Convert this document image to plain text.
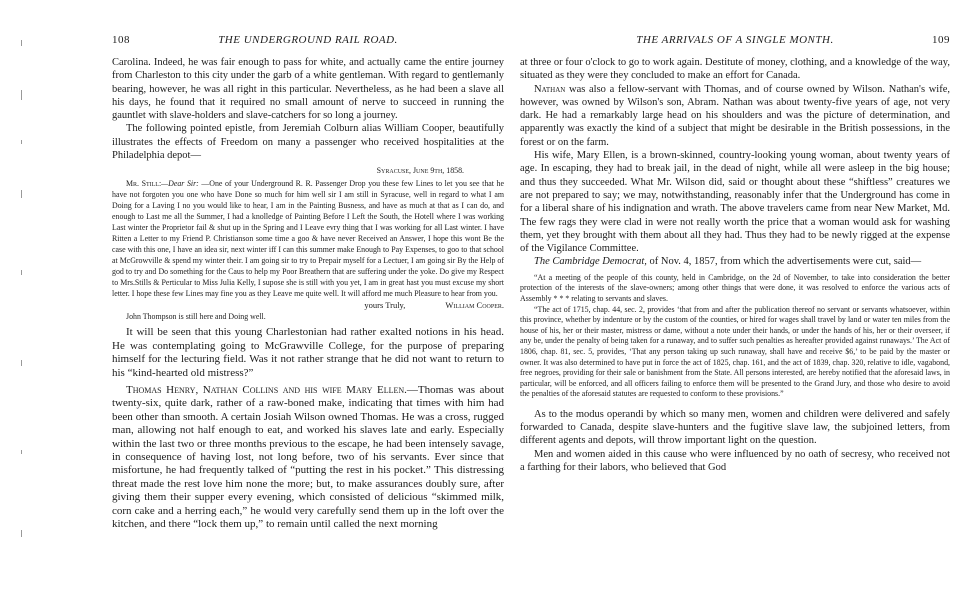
108	THE UNDERGROUND RAIL ROAD.

Carolina. Indeed, he was fair enough to pass for white, and actually came the entire journey from Charleston to this city under the garb of a white gentleman. With regard to gentlemanly bearing, however, he was all right in this particular. Nevertheless, as he had been a slave all his days, he found that it required no small amount of nerve to succeed in running the gauntlet with slave-holders and slave-catchers for so long a journey.

The following pointed epistle, from Jeremiah Colburn alias William Cooper, beautifully illustrates the effects of Freedom on many a passenger who received hospitalities at the Philadelphia depot—

Syracuse, June 9th, 1858.

Mr. Still:—Dear Sir: —One of your Underground R. R. Passenger Drop you these few Lines to let you see that he have not forgoten you one who have Done so much for him well sir I am still in Syracuse, well in regard to what I am Doing for a Laving I no you would like to hear, I am in the Painting Busness, and have as much at that as I can do, and enough to Last me all the Summer, I had a knolledge of Painting Before I Left the South, the Hotell where I was working Last winter the Proprietor fail & shut up in the Spring and I Leave evry thing that I was working for all Last winter. I have Ritten a Letter to my Friend P. Christianson some time a goo & have never Received an Answer, I hope this wont Be the case with this one, I have an idea sir, next winter iff I can this summer make Enough to Pay Expenses, to goo to that school at McGrowville & spend my winter their. I am going sir to try to Prepair myself for a Lectuer, I am going sir By the Help of god to try and Do something for the Caus to help my Poor Breathern that are suffering under the yoke. Do give my Respect to Mrs.Stills & Perticular to Miss Julia Kelly, I supose she is still with you yet, I am in great hast you must excuse my short letter. I hope these few Lines may fine you as they Leave me quite well. It will afford me much Pleasure to hear from you.

yours Truly,	William Cooper.

John Thompson is still here and Doing well.

It will be seen that this young Charlestonian had rather exalted notions in his head. He was contemplating going to McGrawville College, for the purpose of preparing himself for the lecturing field. Was it not rather strange that he did not want to return to his “kind-hearted old mistress?”

Thomas Henry, Nathan Collins and his wife Mary Ellen.—Thomas was about twenty-six, quite dark, rather of a raw-boned make, indicating that times with him had been other than smooth. A certain Josiah Wilson owned Thomas. He was a cross, rugged man, allowing not half enough to eat, and worked his slaves late and early. Especially within the last two or three months previous to the escape, he had been intensely savage, in consequence of having lost, not long before, two of his servants. Ever since that misfortune, he had frequently talked of “putting the rest in his pocket.” This distressing threat made the rest love him none the more; but, to make assurances doubly sure, after giving them their supper every evening, which consisted of delicious “skimmed milk, corn cake and a herring each,” he would very carefully send them up in the loft over the kitchen, and there “lock them up,” to remain until called the next morning

THE ARRIVALS OF A SINGLE MONTH.	109

at three or four o'clock to go to work again. Destitute of money, clothing, and a knowledge of the way, situated as they were they concluded to make an effort for Canada.

Nathan was also a fellow-servant with Thomas, and of course owned by Wilson. Nathan's wife, however, was owned by Wilson's son, Abram. Nathan was about twenty-five years of age, not very dark. He had a remarkably large head on his shoulders and was the picture of determination, and apparently was exactly the kind of a subject that might be desirable in the British possessions, in the forest or on the farm.

His wife, Mary Ellen, is a brown-skinned, country-looking young woman, about twenty years of age. In escaping, they had to break jail, in the dead of night, while all were asleep in the big house; and thus they succeeded. What Mr. Wilson did, said or thought about these “shiftless” creatures we are not prepared to say; we may, notwithstanding, reasonably infer that the Underground has come in for a liberal share of his indignation and wrath. The above travelers came from near New Market, Md. The few rags they were clad in were not really worth the price that a woman would ask for washing them, yet they brought with them about all they had. Thus they had to be newly rigged at the expense of the Vigilance Committee.

The Cambridge Democrat, of Nov. 4, 1857, from which the advertisements were cut, said—

“At a meeting of the people of this county, held in Cambridge, on the 2d of November, to take into consideration the better protection of the interests of the slave-owners; among other things that were done, it was resolved to enforce the various acts of Assembly * * * relating to servants and slaves.

“The act of 1715, chap. 44, sec. 2, provides ‘that from and after the publication thereof no servant or servants whatsoever, within this province, whether by indenture or by the custom of the counties, or hired for wages shall travel by land or water ten miles from the house of his, her or their master, mistress or dame, without a note under their hands, or under the hands of his, her or their overseer, if any be, under the penalty of being taken for a runaway, and to suffer such penalties as hereafter provided against runaways.’ The Act of 1806, chap. 81, sec. 5, provides, ‘That any person taking up such runaway, shall have and receive $6,’ to be paid by the master or owner. It was also determined to have put in force the act of 1825, chap. 161, and the act of 1839, chap. 320, relative to idle, vagabond, free negroes, providing for their sale or banishment from the State. All persons interested, are hereby notified that the aforesaid laws, in particular, will be enforced, and all officers failing to enforce them will be presented to the Grand Jury, and those who desire to avoid the penalties of the aforesaid statutes are requested to conform to these provisions.”

As to the modus operandi by which so many men, women and children were delivered and safely forwarded to Canada, despite slave-hunters and the fugitive slave law, the subjoined letters, from different agents and depots, will throw important light on the question.

Men and women aided in this cause who were influenced by no oath of secresy, who received not a farthing for their labors, who believed that God
